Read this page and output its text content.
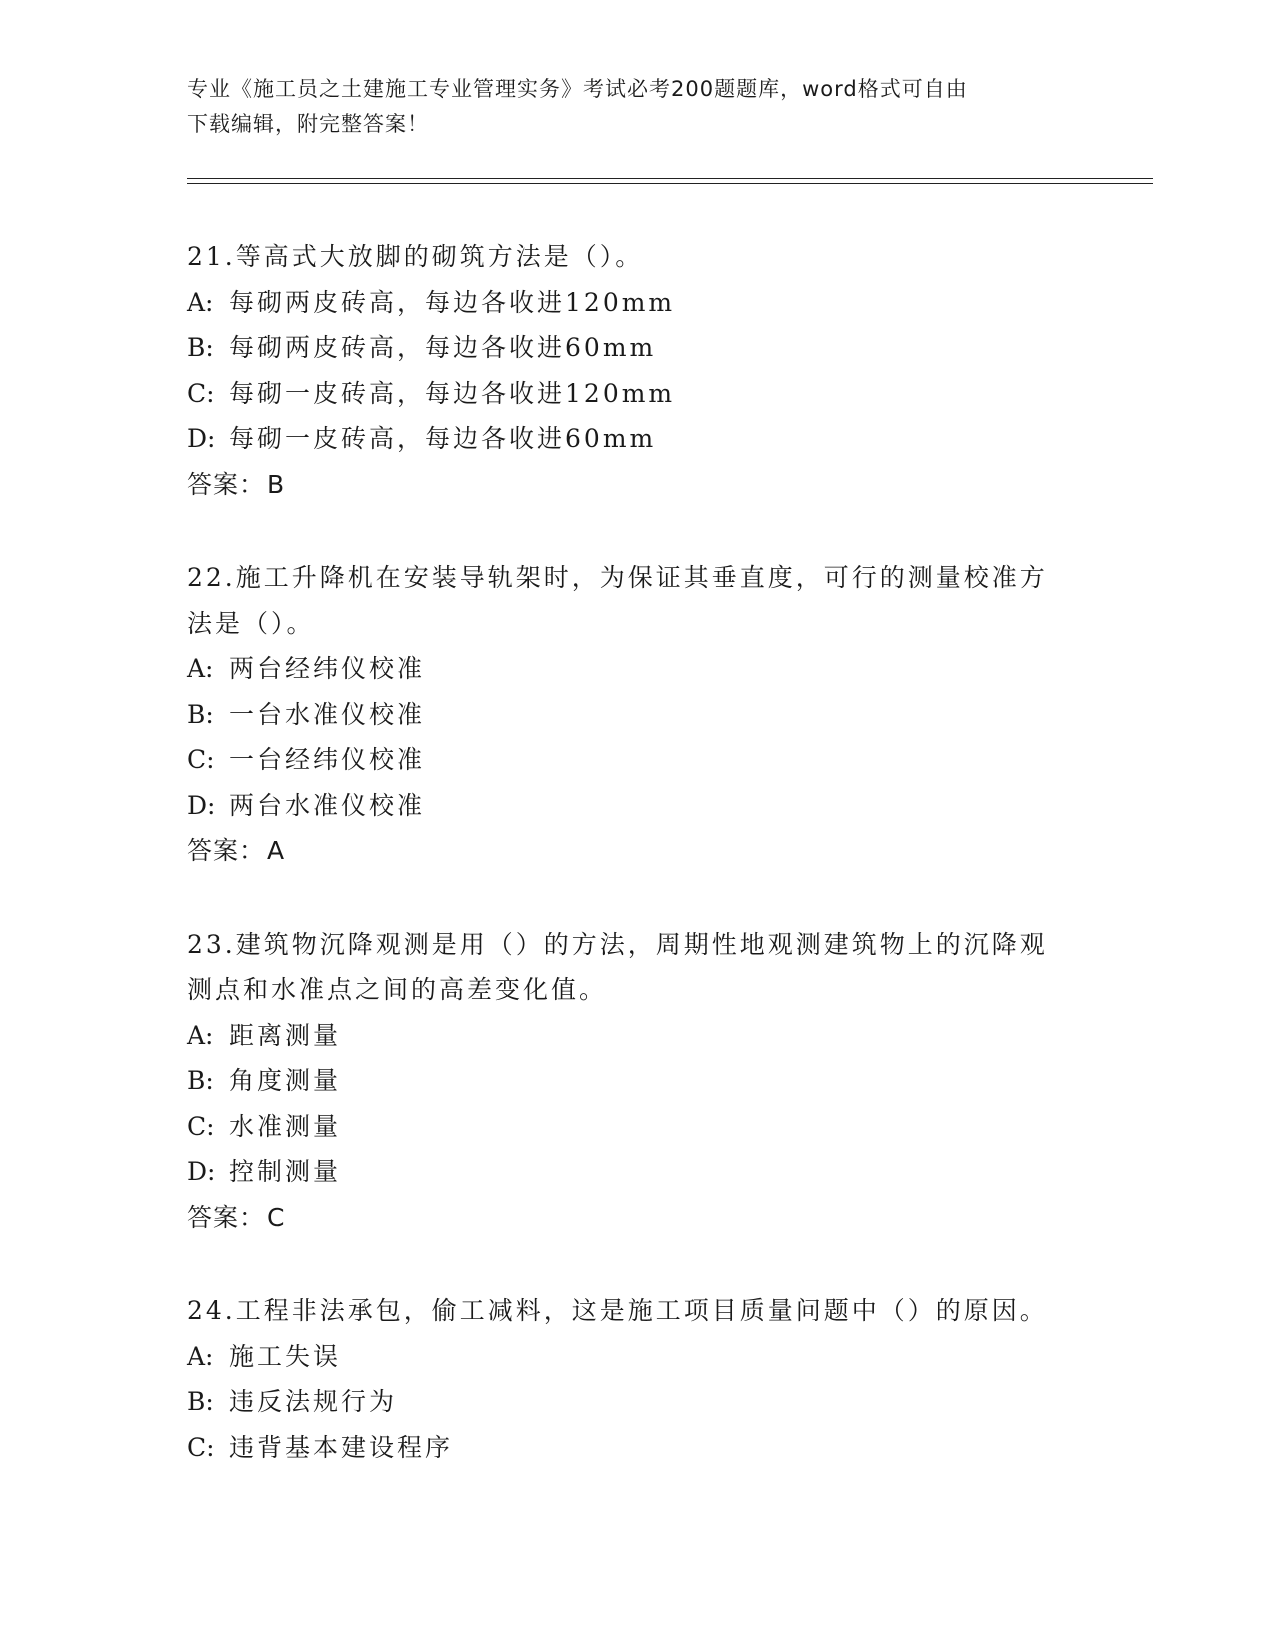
专业《施工员之土建施工专业管理实务》考试必考200题题库，word格式可自由
下载编辑，附完整答案！
21.等高式大放脚的砌筑方法是（）。
A: 每砌两皮砖高，每边各收进120mm
B: 每砌两皮砖高，每边各收进60mm
C: 每砌一皮砖高，每边各收进120mm
D: 每砌一皮砖高，每边各收进60mm
答案：B
22.施工升降机在安装导轨架时，为保证其垂直度，可行的测量校准方
法是（）。
A: 两台经纬仪校准
B: 一台水准仪校准
C: 一台经纬仪校准
D: 两台水准仪校准
答案：A
23.建筑物沉降观测是用（）的方法，周期性地观测建筑物上的沉降观
测点和水准点之间的高差变化值。
A: 距离测量
B: 角度测量
C: 水准测量
D: 控制测量
答案：C
24.工程非法承包，偷工减料，这是施工项目质量问题中（）的原因。
A: 施工失误
B: 违反法规行为
C: 违背基本建设程序
